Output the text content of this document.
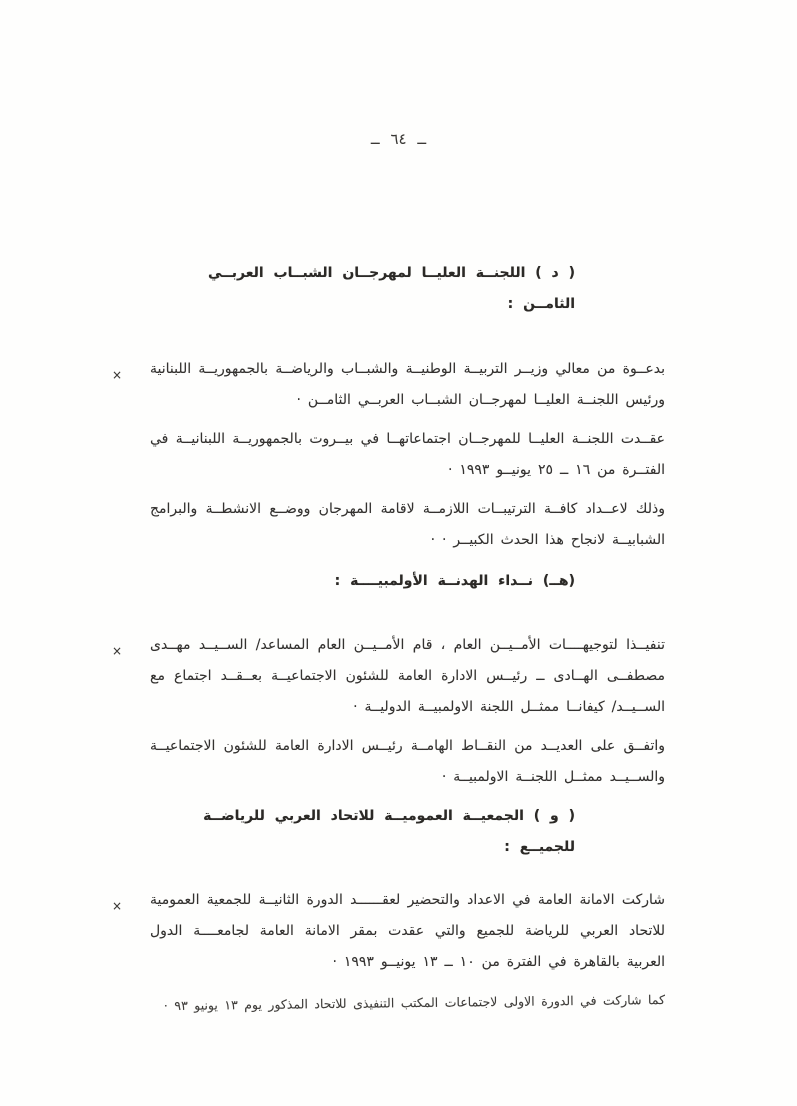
ــ ٦٤ ــ
( د ) اللجنــة العليــا لمهرجــان الشبــاب العربــي الثامــن :

× بدعــوة من معالي وزيــر التربيــة الوطنيــة والشبــاب والرياضــة بالجمهوريــة اللبنانية ورئيس اللجنــة العليــا لمهرجــان الشبــاب العربــي الثامــن ·

عقــدت اللجنــة العليــا للمهرجــان اجتماعاتهــا في بيــروت بالجمهوريــة اللبنانيــة في الفتــرة من ١٦ ــ ٢٥ يونيــو ١٩٩٣ ·

وذلك لاعــداد كافــة الترتيبــات اللازمــة لاقامة المهرجان ووضــع الانشطــة والبرامج الشبابيــة لانجاح هذا الحدث الكبيــر · ·

(هــ) نــداء الهدنــة الأولمبيــــة :

× تنفيــذا لتوجيهــــات الأمــيــن العام ، قام الأمــيــن العام المساعد/ الســيــد مهــدى مصطفــى الهــادى ــ رئيــس الادارة العامة للشئون الاجتماعيــة بعــقــد اجتماع مع الســيــد/ كيفانــا ممثــل اللجنة الاولمبيــة الدوليــة ·

واتفــق على العديــد من النقــاط الهامــة رئيــس الادارة العامة للشئون الاجتماعيــة والســيــد ممثــل اللجنــة الاولمبيــة ·

( و ) الجمعيــة العموميــة للاتحاد العربي للرياضــة للجميــع :

× شاركت الامانة العامة في الاعداد والتحضير لعقــــــد الدورة الثانيــة للجمعية العمومية للاتحاد العربي للرياضة للجميع والتي عقدت بمقر الامانة العامة لجامعــــة الدول العربية بالقاهرة في الفترة من ١٠ ــ ١٣ يونيــو ١٩٩٣ ·

كما شاركت في الدورة الاولى لاجتماعات المكتب التنفيذى للاتحاد المذكور يوم ١٣ يونيو ٩٣ ·
